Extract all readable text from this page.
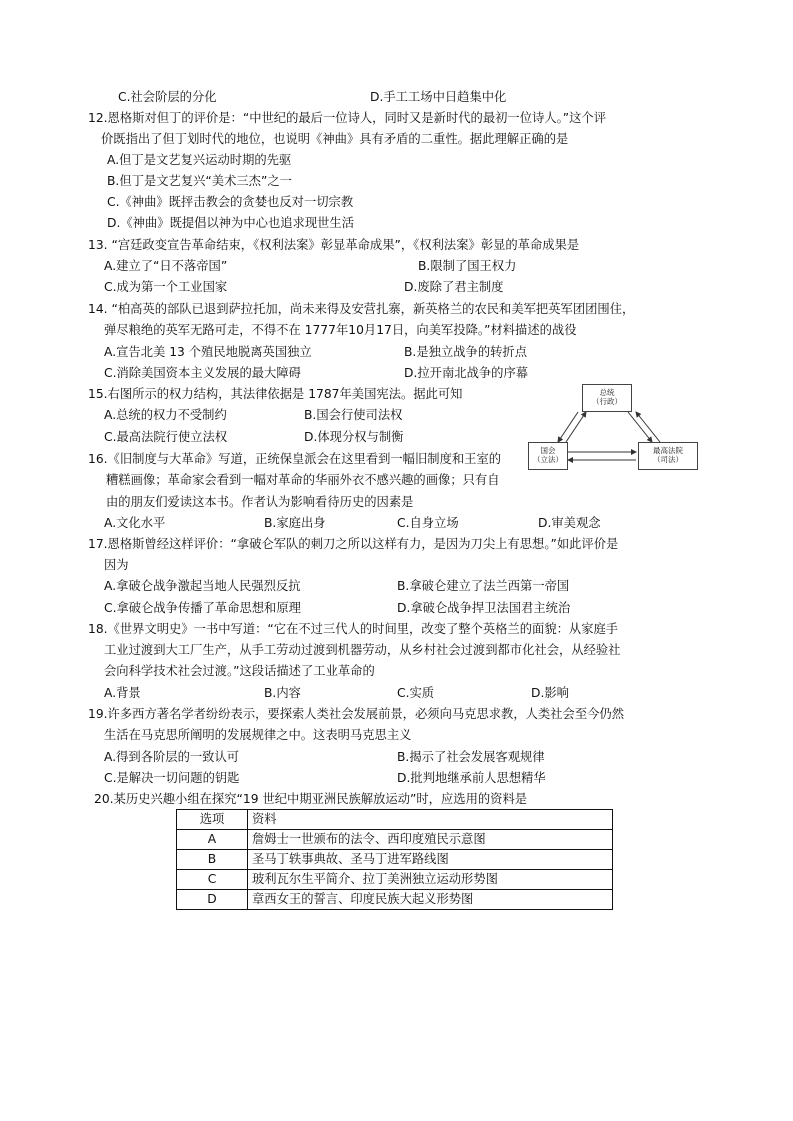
C.社会阶层的分化	D.手工工场中日趋集中化
12.恩格斯对但丁的评价是：“中世纪的最后一位诗人，同时又是新时代的最初一位诗人。”这个评
价既指出了但丁划时代的地位，也说明《神曲》具有矛盾的二重性。据此理解正确的是
A.但丁是文艺复兴运动时期的先驱
B.但丁是文艺复兴“美术三杰”之一
C.《神曲》既抨击教会的贪婪也反对一切宗教
D.《神曲》既提倡以神为中心也追求现世生活
13. “宫廷政变宣告革命结束，《权利法案》彰显革命成果”，《权利法案》彰显的革命成果是
A.建立了“日不落帝国”	B.限制了国王权力
C.成为第一个工业国家	D.废除了君主制度
14. “柏高英的部队已退到萨拉托加，尚未来得及安营扎寨，新英格兰的农民和美军把英军团团围住，
弹尽粮绝的英军无路可走，不得不在 1777年10月17日，向美军投降。”材料描述的战役
A.宣告北美 13 个殖民地脱离英国独立	B.是独立战争的转折点
C.消除美国资本主义发展的最大障碍	D.拉开南北战争的序幕
15.右图所示的权力结构，其法律依据是 1787年美国宪法。据此可知
A.总统的权力不受制约	B.国会行使司法权
C.最高法院行使立法权	D.体现分权与制衡
总统
（行政）
国会
（立法）
最高法院
（司法）
16.《旧制度与大革命》写道，正统保皇派会在这里看到一幅旧制度和王室的
糟糕画像；革命家会看到一幅对革命的华丽外衣不感兴趣的画像；只有自
由的朋友们爱读这本书。作者认为影响看待历史的因素是
A.文化水平	B.家庭出身	C.自身立场	D.审美观念
17.恩格斯曾经这样评价：“拿破仑军队的刺刀之所以这样有力，是因为刀尖上有思想。”如此评价是
因为
A.拿破仑战争激起当地人民强烈反抗	B.拿破仑建立了法兰西第一帝国
C.拿破仑战争传播了革命思想和原理	D.拿破仑战争捍卫法国君主统治
18.《世界文明史》一书中写道：“它在不过三代人的时间里，改变了整个英格兰的面貌：从家庭手
工业过渡到大工厂生产，从手工劳动过渡到机器劳动，从乡村社会过渡到都市化社会，从经验社
会向科学技术社会过渡。”这段话描述了工业革命的
A.背景	B.内容	C.实质	D.影响
19.许多西方著名学者纷纷表示，要探索人类社会发展前景，必须向马克思求教，人类社会至今仍然
生活在马克思所阐明的发展规律之中。这表明马克思主义
A.得到各阶层的一致认可	B.揭示了社会发展客观规律
C.是解决一切问题的钥匙	D.批判地继承前人思想精华
20.某历史兴趣小组在探究“19 世纪中期亚洲民族解放运动”时，应选用的资料是
选项	资料
A	詹姆士一世颁布的法令、西印度殖民示意图
B	圣马丁轶事典故、圣马丁进军路线图
C	玻利瓦尔生平简介、拉丁美洲独立运动形势图
D	章西女王的誓言、印度民族大起义形势图
